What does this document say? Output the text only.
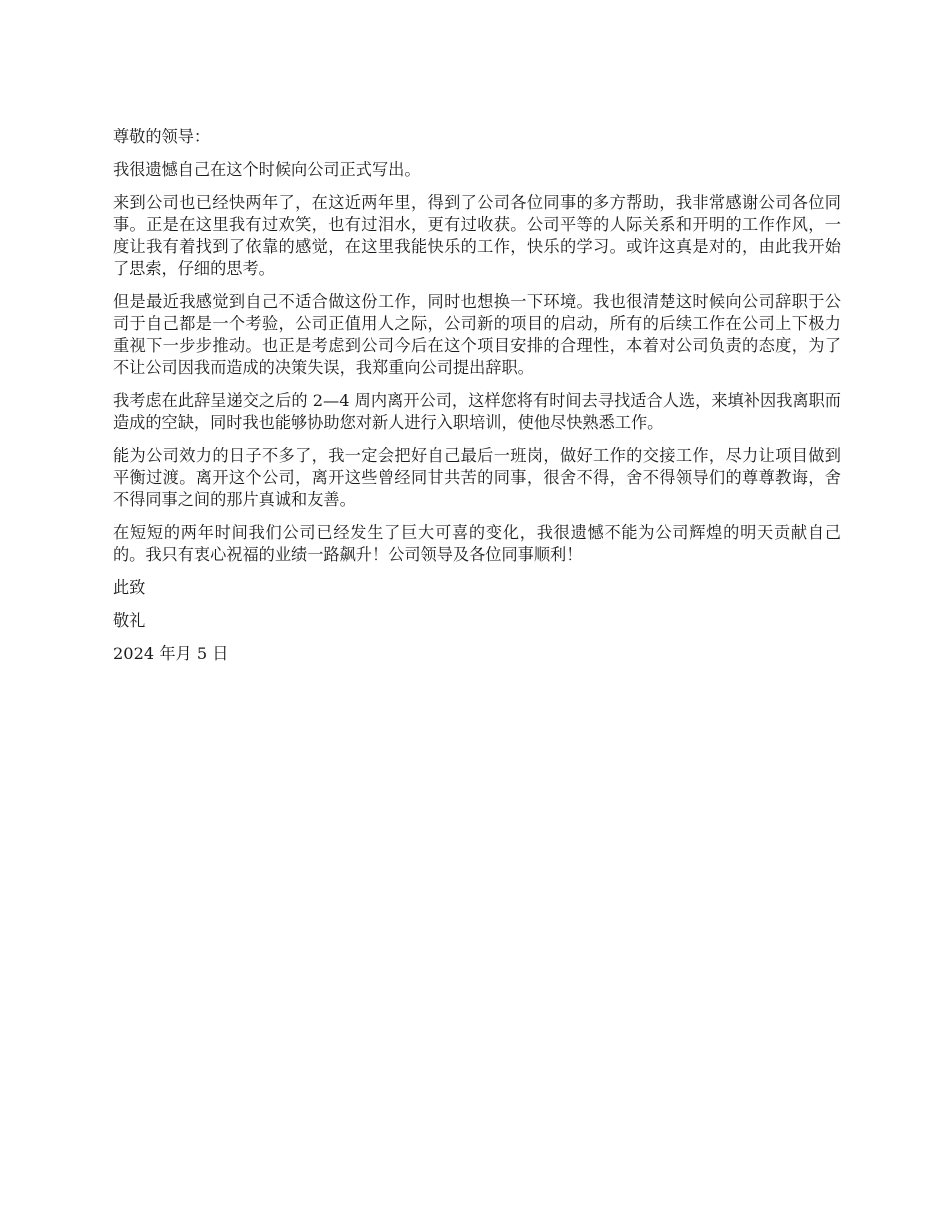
尊敬的领导：

我很遗憾自己在这个时候向公司正式写出。

来到公司也已经快两年了，在这近两年里，得到了公司各位同事的多方帮助，我非常感谢公司各位同事。正是在这里我有过欢笑，也有过泪水，更有过收获。公司平等的人际关系和开明的工作作风，一度让我有着找到了依靠的感觉，在这里我能快乐的工作，快乐的学习。或许这真是对的，由此我开始了思索，仔细的思考。

但是最近我感觉到自己不适合做这份工作，同时也想换一下环境。我也很清楚这时候向公司辞职于公司于自己都是一个考验，公司正值用人之际，公司新的项目的启动，所有的后续工作在公司上下极力重视下一步步推动。也正是考虑到公司今后在这个项目安排的合理性，本着对公司负责的态度，为了不让公司因我而造成的决策失误，我郑重向公司提出辞职。

我考虑在此辞呈递交之后的 2—4 周内离开公司，这样您将有时间去寻找适合人选，来填补因我离职而造成的空缺，同时我也能够协助您对新人进行入职培训，使他尽快熟悉工作。

能为公司效力的日子不多了，我一定会把好自己最后一班岗，做好工作的交接工作，尽力让项目做到平衡过渡。离开这个公司，离开这些曾经同甘共苦的同事，很舍不得，舍不得领导们的尊尊教诲，舍不得同事之间的那片真诚和友善。

在短短的两年时间我们公司已经发生了巨大可喜的变化，我很遗憾不能为公司辉煌的明天贡献自己的。我只有衷心祝福的业绩一路飙升！公司领导及各位同事顺利！

此致

敬礼

2024 年月 5 日
